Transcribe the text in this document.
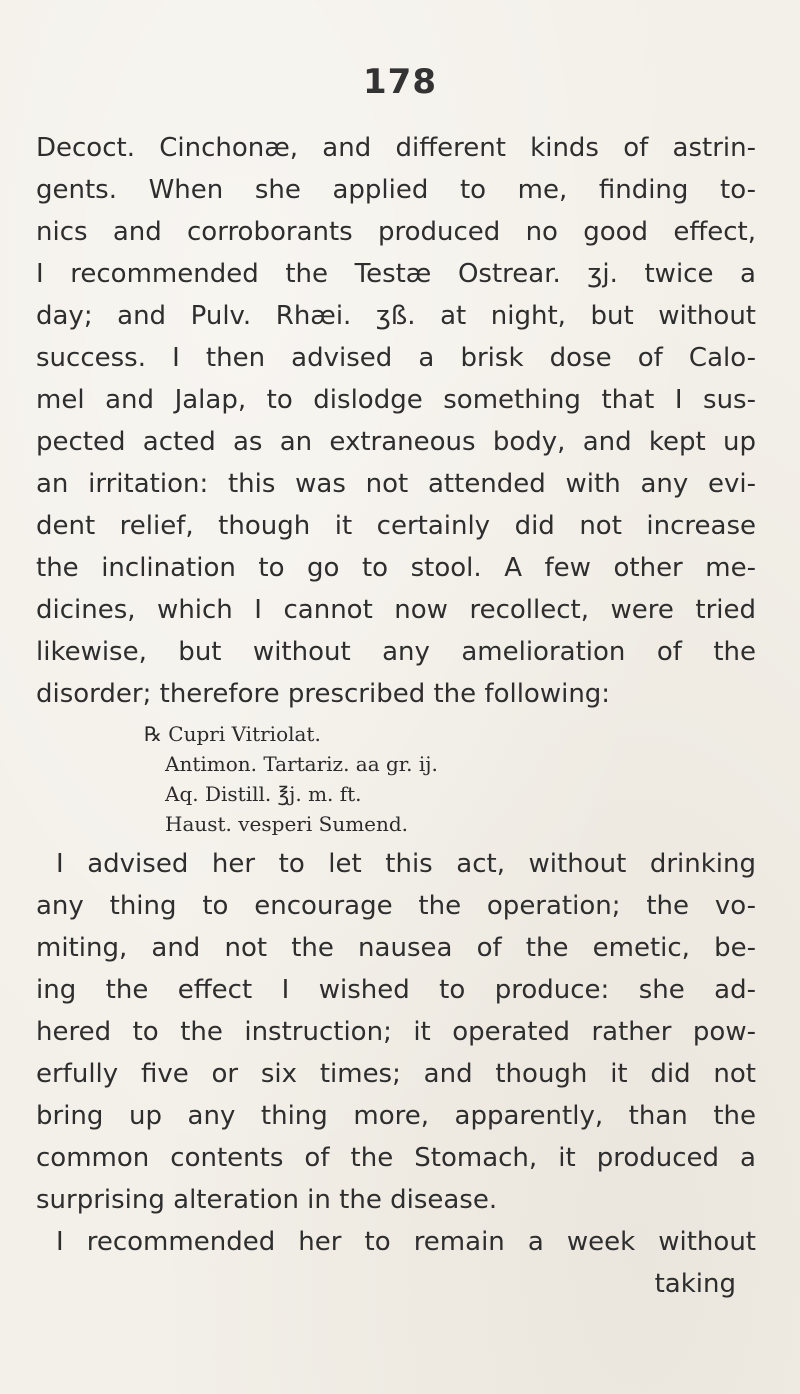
178
Decoct. Cinchonæ, and different kinds of astrin-
gents. When she applied to me, finding to-
nics and corroborants produced no good effect,
I recommended the Testæ Ostrear. ʒj. twice a
day; and Pulv. Rhæi. ʒß. at night, but without
success. I then advised a brisk dose of Calo-
mel and Jalap, to dislodge something that I sus-
pected acted as an extraneous body, and kept up
an irritation: this was not attended with any evi-
dent relief, though it certainly did not increase
the inclination to go to stool. A few other me-
dicines, which I cannot now recollect, were tried
likewise, but without any amelioration of the
disorder; therefore prescribed the following:
℞ Cupri Vitriolat.
Antimon. Tartariz. aa gr. ij.
Aq. Distill. ℥j. m. ft.
Haust. vesperi Sumend.
I advised her to let this act, without drinking
any thing to encourage the operation; the vo-
miting, and not the nausea of the emetic, be-
ing the effect I wished to produce: she ad-
hered to the instruction; it operated rather pow-
erfully five or six times; and though it did not
bring up any thing more, apparently, than the
common contents of the Stomach, it produced a
surprising alteration in the disease.
I recommended her to remain a week without
taking
